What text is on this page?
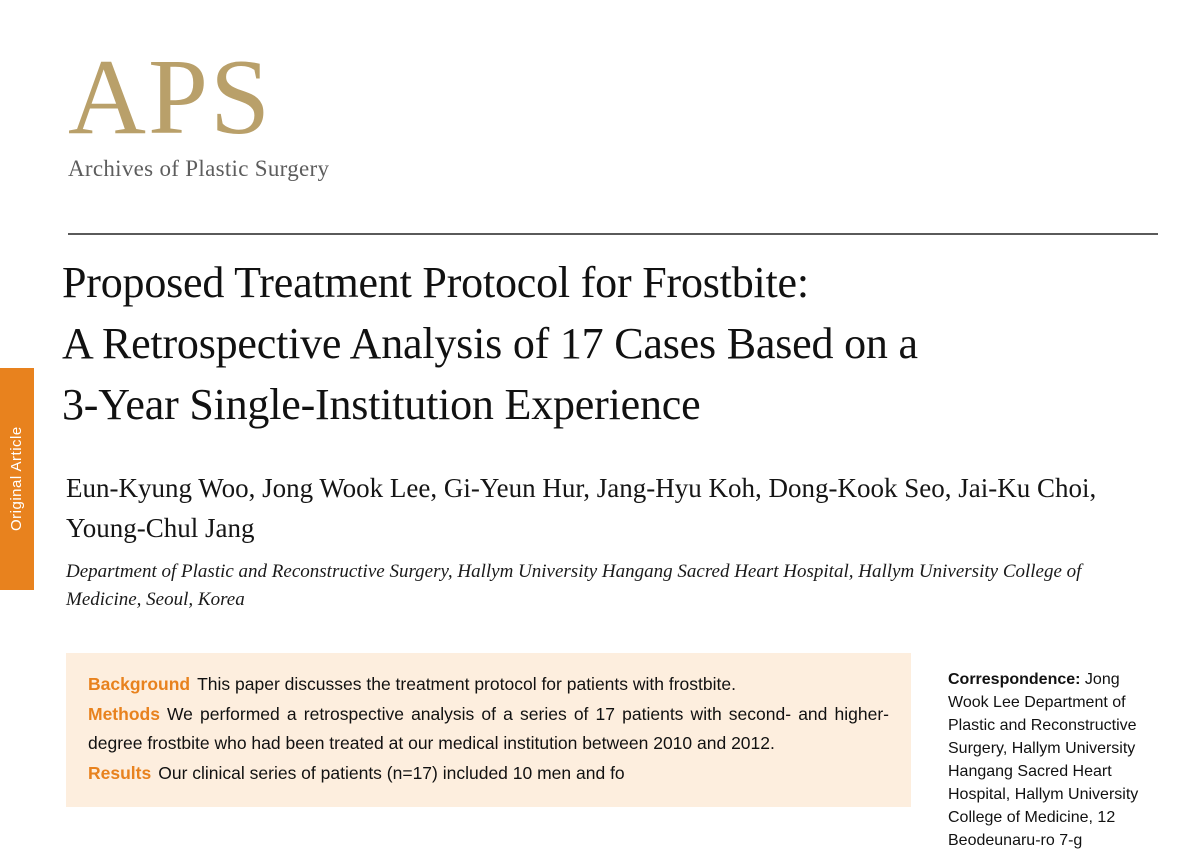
Original Article
APS
Archives of Plastic Surgery
Proposed Treatment Protocol for Frostbite:
A Retrospective Analysis of 17 Cases Based on a
3-Year Single-Institution Experience
Eun-Kyung Woo, Jong Wook Lee, Gi-Yeun Hur, Jang-Hyu Koh, Dong-Kook Seo, Jai-Ku Choi, Young-Chul Jang
Department of Plastic and Reconstructive Surgery, Hallym University Hangang Sacred Heart Hospital, Hallym University College of Medicine, Seoul, Korea

Background This paper discusses the treatment protocol for patients with frostbite.

Methods We performed a retrospective analysis of a series of 17 patients with second- and higher-degree frostbite who had been treated at our medical institution between 2010 and 2012.

Results Our clinical series of patients (n=17) included 10 men and fo

Correspondence: Jong Wook Lee Department of Plastic and Reconstructive Surgery, Hallym University Hangang Sacred Heart Hospital, Hallym University College of Medicine, 12 Beodeunaru-ro 7-g
